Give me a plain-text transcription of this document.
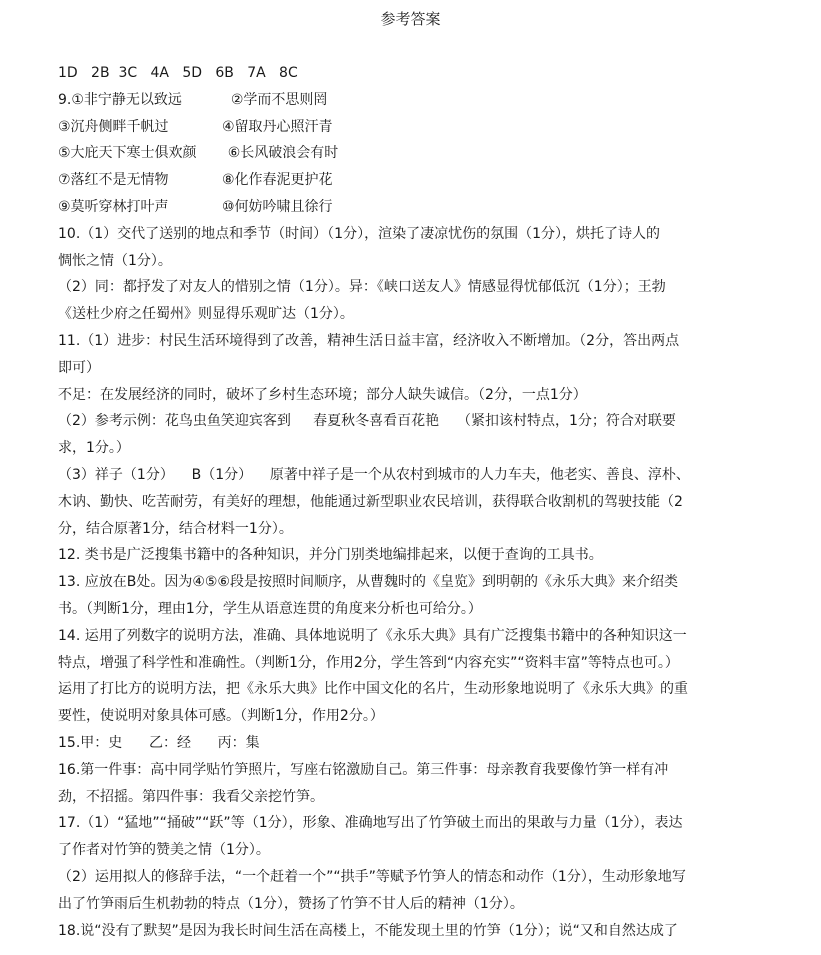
参考答案

1D   2B  3C   4A   5D   6B   7A   8C

9.①非宁静无以致远           ②学而不思则罔

③沉舟侧畔千帆过            ④留取丹心照汗青

⑤大庇天下寒士俱欢颜       ⑥长风破浪会有时

⑦落红不是无情物            ⑧化作春泥更护花

⑨莫听穿林打叶声            ⑩何妨吟啸且徐行

10.（1）交代了送别的地点和季节（时间）（1分），渲染了凄凉忧伤的氛围（1分），烘托了诗人的

惆怅之情（1分）。

（2）同：都抒发了对友人的惜别之情（1分）。异：《峡口送友人》情感显得忧郁低沉（1分）；王勃

《送杜少府之任蜀州》则显得乐观旷达（1分）。

11.（1）进步：村民生活环境得到了改善，精神生活日益丰富，经济收入不断增加。（2分，答出两点

即可）

不足：在发展经济的同时，破坏了乡村生态环境；部分人缺失诚信。（2分，一点1分）

（2）参考示例：花鸟虫鱼笑迎宾客到     春夏秋冬喜看百花艳    （紧扣该村特点，1分；符合对联要

求，1分。）

（3）祥子（1分）    B（1分）    原著中祥子是一个从农村到城市的人力车夫，他老实、善良、淳朴、

木讷、勤快、吃苦耐劳，有美好的理想，他能通过新型职业农民培训，获得联合收割机的驾驶技能（2

分，结合原著1分，结合材料一1分）。

12. 类书是广泛搜集书籍中的各种知识，并分门别类地编排起来，以便于查询的工具书。

13. 应放在B处。因为④⑤⑥段是按照时间顺序，从曹魏时的《皇览》到明朝的《永乐大典》来介绍类

书。（判断1分，理由1分，学生从语意连贯的角度来分析也可给分。）

14. 运用了列数字的说明方法，准确、具体地说明了《永乐大典》具有广泛搜集书籍中的各种知识这一

特点，增强了科学性和准确性。（判断1分，作用2分，学生答到“内容充实”“资料丰富”等特点也可。）

运用了打比方的说明方法，把《永乐大典》比作中国文化的名片，生动形象地说明了《永乐大典》的重

要性，使说明对象具体可感。（判断1分，作用2分。）

15.甲：史      乙：经      丙：集

16.第一件事：高中同学贴竹笋照片，写座右铭激励自己。第三件事：母亲教育我要像竹笋一样有冲

劲，不招摇。第四件事：我看父亲挖竹笋。

17.（1）“猛地”“捅破”“跃”等（1分），形象、准确地写出了竹笋破土而出的果敢与力量（1分），表达

了作者对竹笋的赞美之情（1分）。

（2）运用拟人的修辞手法，“一个赶着一个”“拱手”等赋予竹笋人的情态和动作（1分），生动形象地写

出了竹笋雨后生机勃勃的特点（1分），赞扬了竹笋不甘人后的精神（1分）。

18.说“没有了默契”是因为我长时间生活在高楼上，不能发现土里的竹笋（1分）；说“又和自然达成了
